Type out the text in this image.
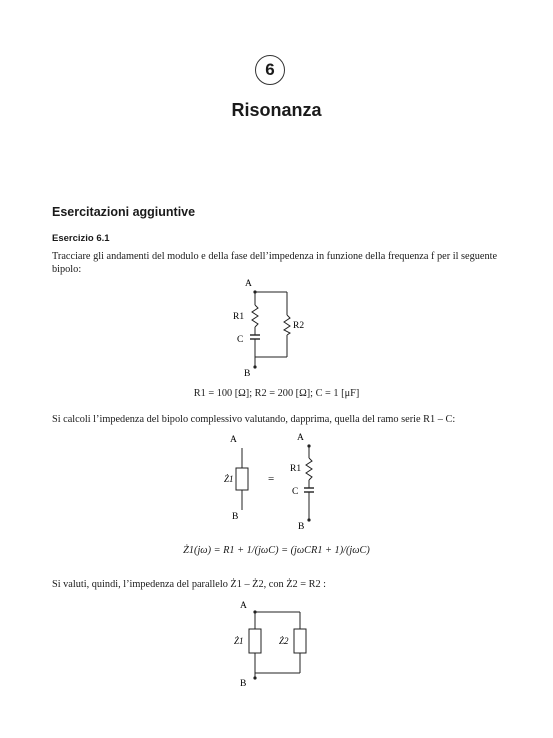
6
Risonanza
Esercitazioni aggiuntive
Esercizio 6.1
Tracciare gli andamenti del modulo e della fase dell’impedenza in funzione della frequenza f per il seguente bipolo:
A
R1
R2
C
B
R1 = 100 [Ω]; R2 = 200 [Ω]; C = 1 [μF]
Si calcoli l’impedenza del bipolo complessivo valutando, dapprima, quella del ramo serie R1 – C:
A
Ż1
B
=
A
R1
C
B
Ż1(jω) = R1 + 1/(jωC) = (jωCR1 + 1)/(jωC)
Si valuti, quindi, l’impedenza del parallelo Ż1 – Ż2, con Ż2 = R2 :
A
Ż1	Ż2
B
